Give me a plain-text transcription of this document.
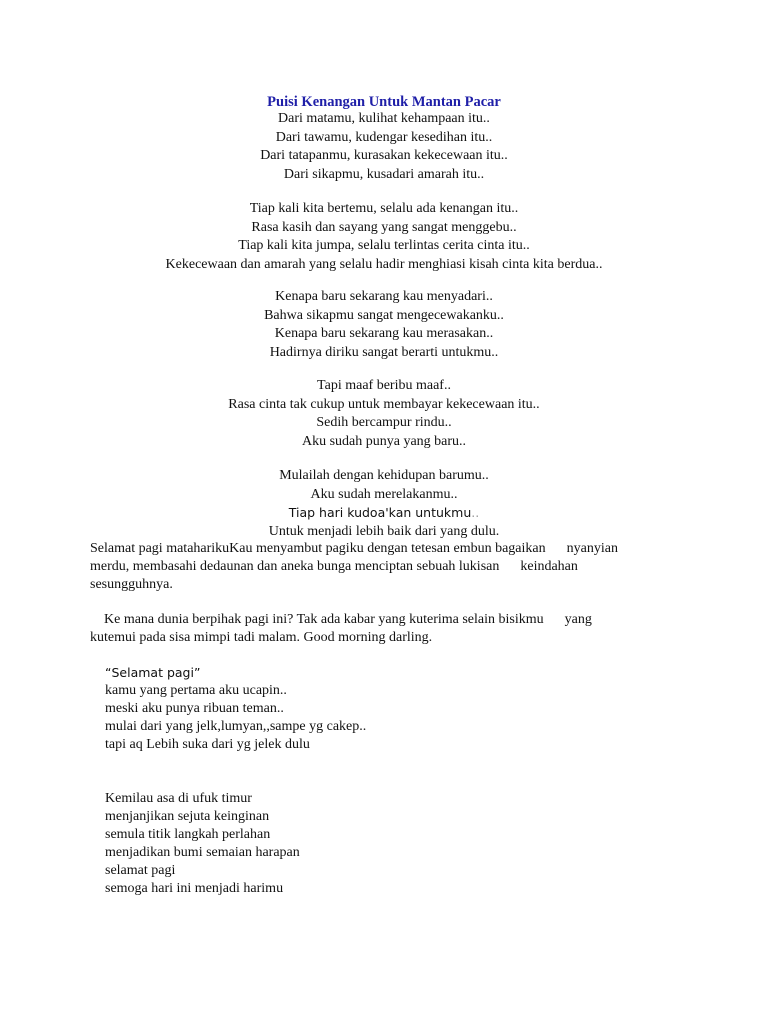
Puisi Kenangan Untuk Mantan Pacar
Dari matamu, kulihat kehampaan itu..
Dari tawamu, kudengar kesedihan itu..
Dari tatapanmu, kurasakan kekecewaan itu..
Dari sikapmu, kusadari amarah itu..
Tiap kali kita bertemu, selalu ada kenangan itu..
Rasa kasih dan sayang yang sangat menggebu..
Tiap kali kita jumpa, selalu terlintas cerita cinta itu..
Kekecewaan dan amarah yang selalu hadir menghiasi kisah cinta kita berdua..
Kenapa baru sekarang kau menyadari..
Bahwa sikapmu sangat mengecewakanku..
Kenapa baru sekarang kau merasakan..
Hadirnya diriku sangat berarti untukmu..
Tapi maaf beribu maaf..
Rasa cinta tak cukup untuk membayar kekecewaan itu..
Sedih bercampur rindu..
Aku sudah punya yang baru..
Mulailah dengan kehidupan barumu..
Aku sudah merelakanmu..
Tiap hari kudoa'kan untukmu..
Untuk menjadi lebih baik dari yang dulu.
Selamat pagi mataharikuKau menyambut pagiku dengan tetesan embun bagaikan      nyanyian
merdu, membasahi dedaunan dan aneka bunga menciptan sebuah lukisan      keindahan
sesungguhnya.
Ke mana dunia berpihak pagi ini? Tak ada kabar yang kuterima selain bisikmu      yang
kutemui pada sisa mimpi tadi malam. Good morning darling.
“Selamat pagi”
kamu yang pertama aku ucapin..
meski aku punya ribuan teman..
mulai dari yang jelk,lumyan,,sampe yg cakep..
tapi aq Lebih suka dari yg jelek dulu
Kemilau asa di ufuk timur
menjanjikan sejuta keinginan
semula titik langkah perlahan
menjadikan bumi semaian harapan
selamat pagi
semoga hari ini menjadi harimu
